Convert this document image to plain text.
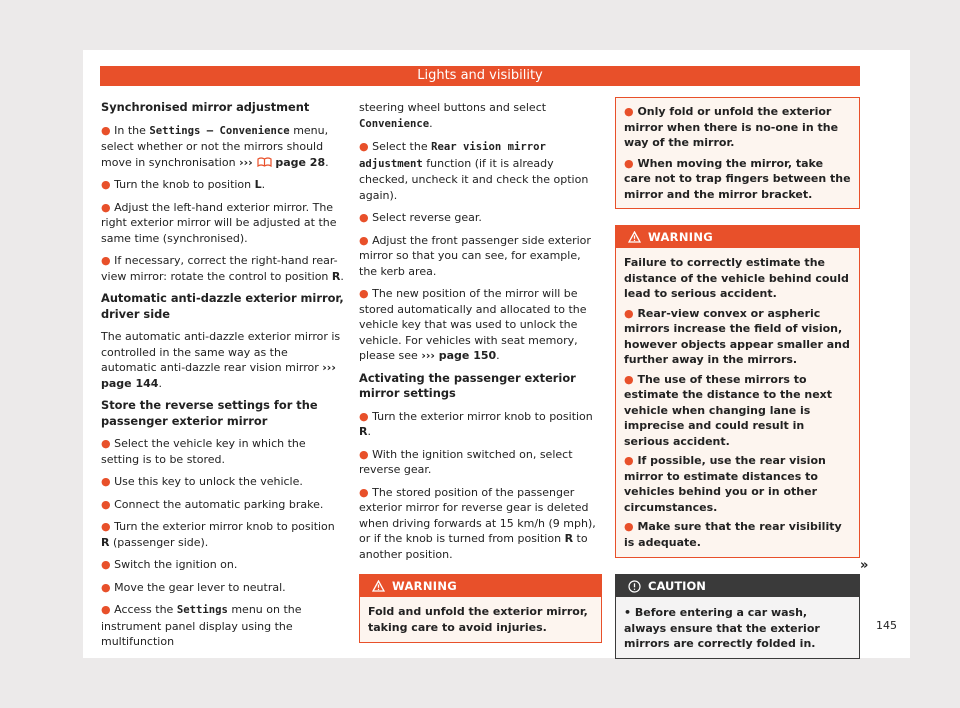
Lights and visibility
Synchronised mirror adjustment
● In the Settings – Convenience menu, select whether or not the mirrors should move in synchronisation ›››  page 28.
● Turn the knob to position L.
● Adjust the left-hand exterior mirror. The right exterior mirror will be adjusted at the same time (synchronised).
● If necessary, correct the right-hand rear-view mirror: rotate the control to position R.
Automatic anti-dazzle exterior mirror, driver side

The automatic anti-dazzle exterior mirror is controlled in the same way as the automatic anti-dazzle rear vision mirror ››› page 144.

Store the reverse settings for the passenger exterior mirror
● Select the vehicle key in which the setting is to be stored.
● Use this key to unlock the vehicle.
● Connect the automatic parking brake.
● Turn the exterior mirror knob to position R (passenger side).
● Switch the ignition on.
● Move the gear lever to neutral.
● Access the Settings menu on the instrument panel display using the multifunction

steering wheel buttons and select Convenience.

● Select the Rear vision mirror adjustment function (if it is already checked, uncheck it and check the option again).
● Select reverse gear.
● Adjust the front passenger side exterior mirror so that you can see, for example, the kerb area.
● The new position of the mirror will be stored automatically and allocated to the vehicle key that was used to unlock the vehicle. For vehicles with seat memory, please see ››› page 150.
Activating the passenger exterior mirror settings
● Turn the exterior mirror knob to position R.
● With the ignition switched on, select reverse gear.
● The stored position of the passenger exterior mirror for reverse gear is deleted when driving forwards at 15 km/h (9 mph), or if the knob is turned from position R to another position.
WARNING
Fold and unfold the exterior mirror, taking care to avoid injuries.
● Only fold or unfold the exterior mirror when there is no-one in the way of the mirror.
● When moving the mirror, take care not to trap fingers between the mirror and the mirror bracket.
WARNING

Failure to correctly estimate the distance of the vehicle behind could lead to serious accident.

● Rear-view convex or aspheric mirrors increase the field of vision, however objects appear smaller and further away in the mirrors.
● The use of these mirrors to estimate the distance to the next vehicle when changing lane is imprecise and could result in serious accident.
● If possible, use the rear vision mirror to estimate distances to vehicles behind you or in other circumstances.
● Make sure that the rear visibility is adequate.
CAUTION
• Before entering a car wash, always ensure that the exterior mirrors are correctly folded in.
»
145
